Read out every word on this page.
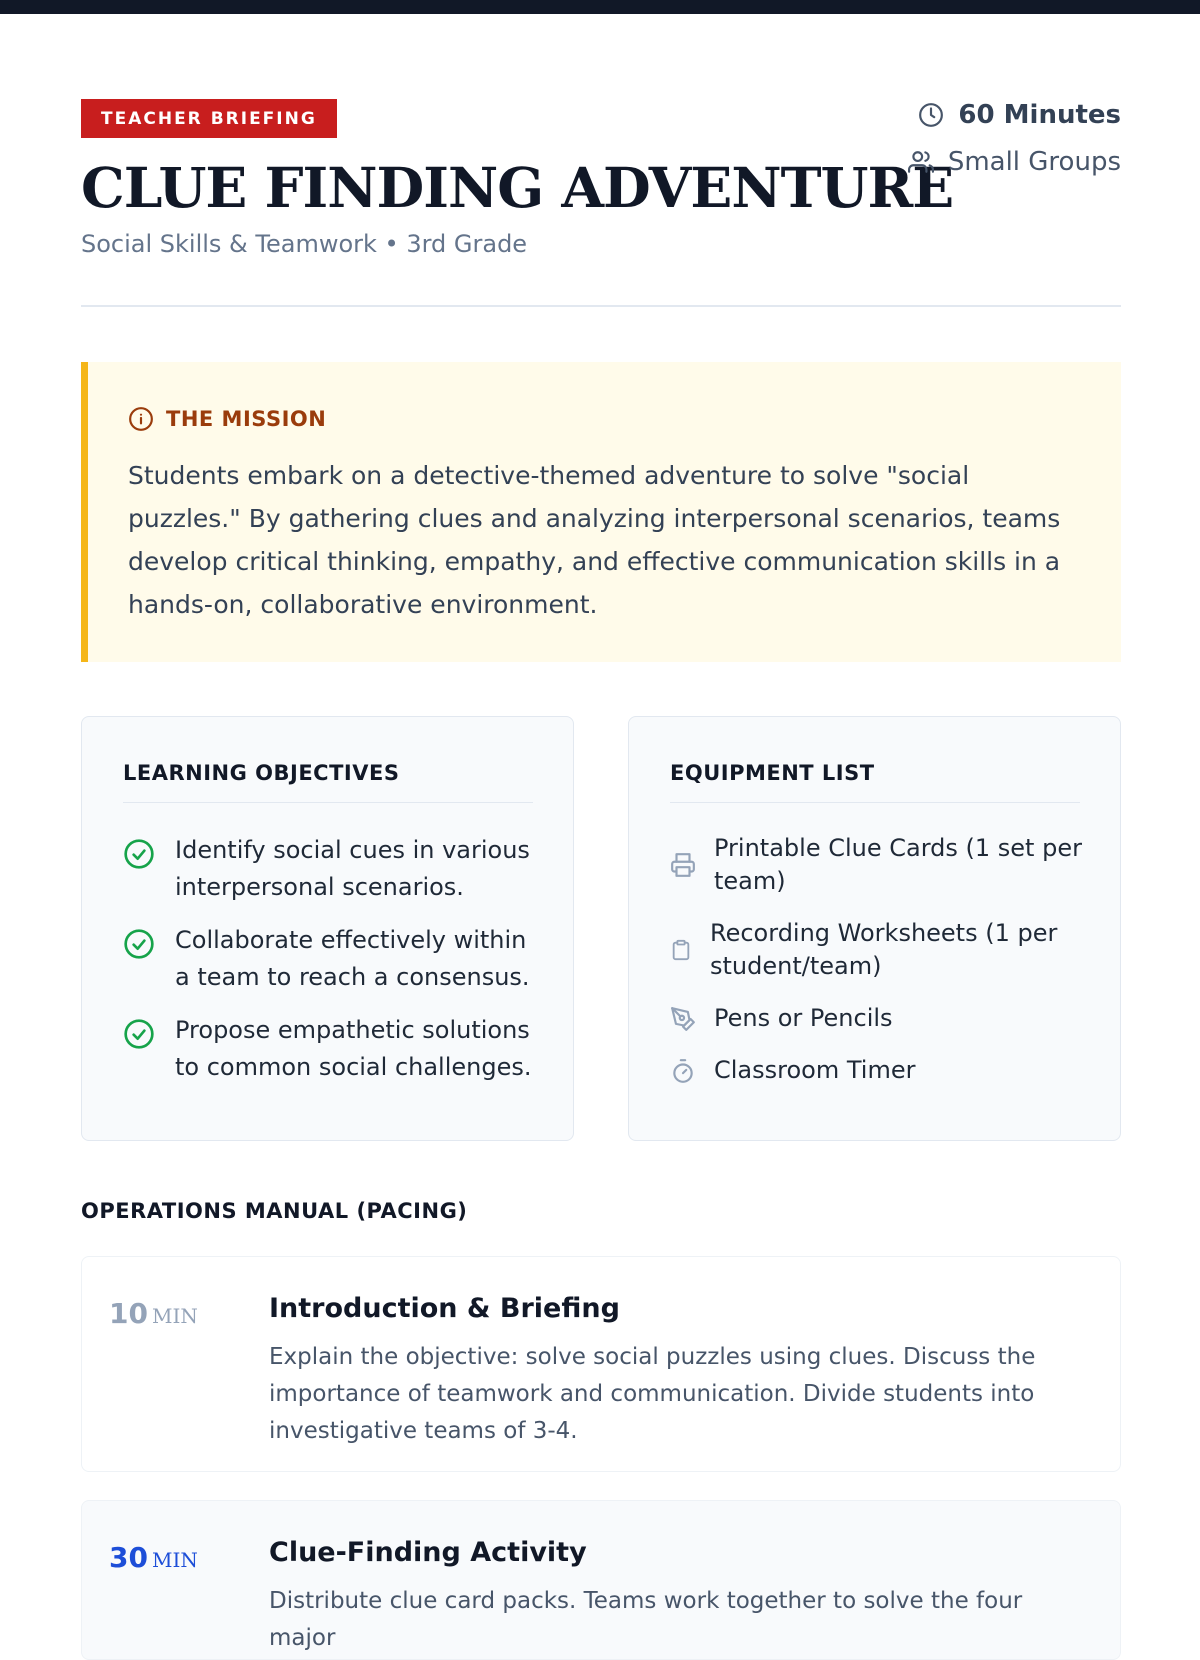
TEACHER BRIEFING
CLUE FINDING ADVENTURE
Social Skills & Teamwork • 3rd Grade
60 Minutes
Small Groups
THE MISSION

Students embark on a detective-themed adventure to solve "social puzzles." By gathering clues and analyzing interpersonal scenarios, teams develop critical thinking, empathy, and effective communication skills in a hands-on, collaborative environment.

LEARNING OBJECTIVES
Identify social cues in various interpersonal scenarios.
Collaborate effectively within a team to reach a consensus.
Propose empathetic solutions to common social challenges.
EQUIPMENT LIST
Printable Clue Cards (1 set per team)
Recording Worksheets (1 per student/team)
Pens or Pencils
Classroom Timer
OPERATIONS MANUAL (PACING)
10 MIN	Introduction & Briefing

Explain the objective: solve social puzzles using clues. Discuss the importance of teamwork and communication. Divide students into investigative teams of 3-4.

30 MIN	Clue-Finding Activity

Distribute clue card packs. Teams work together to solve the four major
